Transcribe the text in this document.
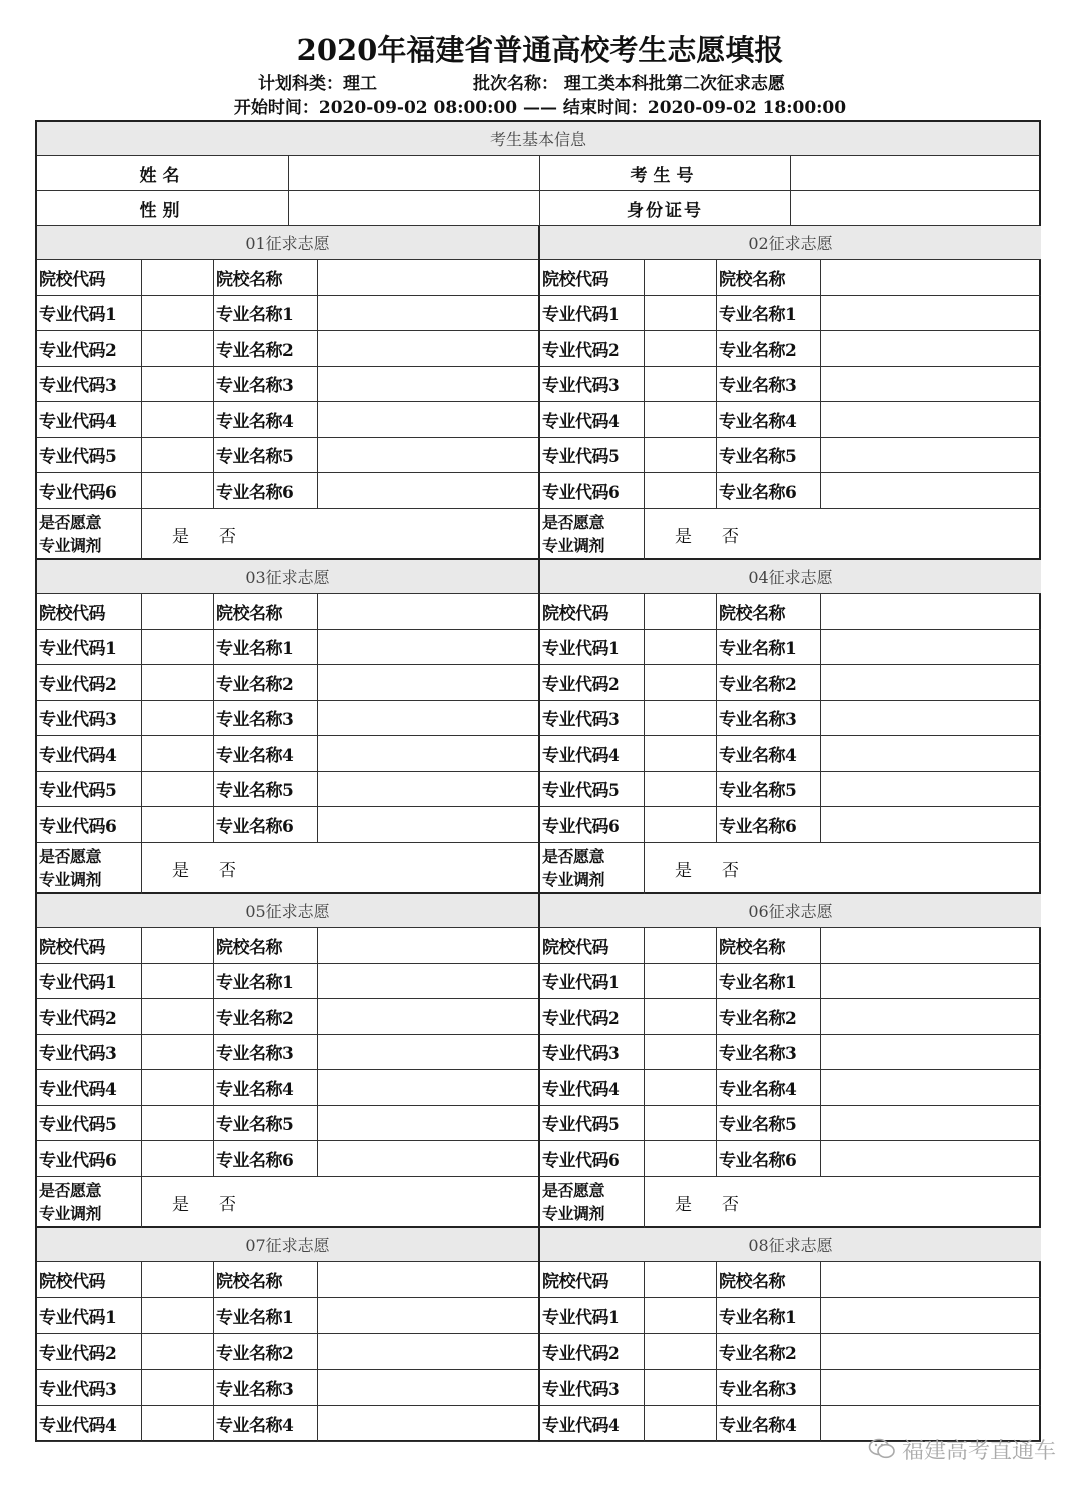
2020年福建省普通高校考生志愿填报
计划科类：理工	批次名称： 理工类本科批第二次征求志愿
开始时间：2020-09-02 08:00:00 —— 结束时间：2020-09-02 18:00:00
考生基本信息
姓名	考生号
性别	身份证号
01征求志愿
院校代码	院校名称
专业代码1	专业名称1
专业代码2	专业名称2
专业代码3	专业名称3
专业代码4	专业名称4
专业代码5	专业名称5
专业代码6	专业名称6
是否愿意
专业调剂	是 否
02征求志愿
院校代码	院校名称
专业代码1	专业名称1
专业代码2	专业名称2
专业代码3	专业名称3
专业代码4	专业名称4
专业代码5	专业名称5
专业代码6	专业名称6
是否愿意
专业调剂	是 否
03征求志愿
院校代码	院校名称
专业代码1	专业名称1
专业代码2	专业名称2
专业代码3	专业名称3
专业代码4	专业名称4
专业代码5	专业名称5
专业代码6	专业名称6
是否愿意
专业调剂	是 否
04征求志愿
院校代码	院校名称
专业代码1	专业名称1
专业代码2	专业名称2
专业代码3	专业名称3
专业代码4	专业名称4
专业代码5	专业名称5
专业代码6	专业名称6
是否愿意
专业调剂	是 否
05征求志愿
院校代码	院校名称
专业代码1	专业名称1
专业代码2	专业名称2
专业代码3	专业名称3
专业代码4	专业名称4
专业代码5	专业名称5
专业代码6	专业名称6
是否愿意
专业调剂	是 否
06征求志愿
院校代码	院校名称
专业代码1	专业名称1
专业代码2	专业名称2
专业代码3	专业名称3
专业代码4	专业名称4
专业代码5	专业名称5
专业代码6	专业名称6
是否愿意
专业调剂	是 否
07征求志愿
院校代码	院校名称
专业代码1	专业名称1
专业代码2	专业名称2
专业代码3	专业名称3
专业代码4	专业名称4
08征求志愿
院校代码	院校名称
专业代码1	专业名称1
专业代码2	专业名称2
专业代码3	专业名称3
专业代码4	专业名称4
福建高考直通车
